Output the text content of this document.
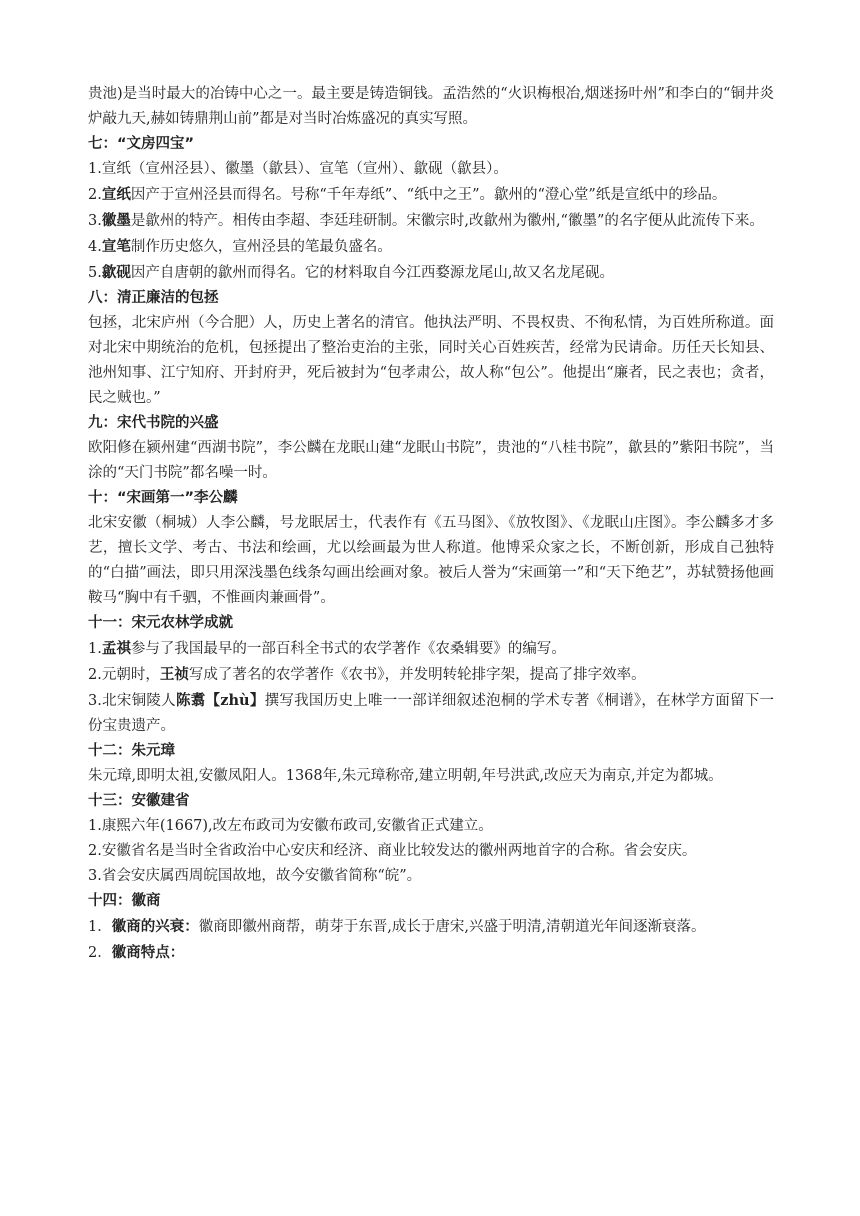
贵池)是当时最大的冶铸中心之一。最主要是铸造铜钱。孟浩然的“火识梅根冶,烟迷扬叶州”和李白的“铜井炎炉敲九天,赫如铸鼎荆山前”都是对当时冶炼盛况的真实写照。

七：“文房四宝”

1.宣纸（宣州泾县）、徽墨（歙县）、宣笔（宣州）、歙砚（歙县）。

2.宣纸因产于宣州泾县而得名。号称“千年寿纸”、“纸中之王”。歙州的“澄心堂”纸是宣纸中的珍品。

3.徽墨是歙州的特产。相传由李超、李廷珪研制。宋徽宗时,改歙州为徽州,“徽墨”的名字便从此流传下来。

4.宣笔制作历史悠久，宣州泾县的笔最负盛名。

5.歙砚因产自唐朝的歙州而得名。它的材料取自今江西婺源龙尾山,故又名龙尾砚。

八：清正廉洁的包拯

包拯，北宋庐州（今合肥）人，历史上著名的清官。他执法严明、不畏权贵、不徇私情，为百姓所称道。面对北宋中期统治的危机，包拯提出了整治吏治的主张，同时关心百姓疾苦，经常为民请命。历任天长知县、池州知事、江宁知府、开封府尹，死后被封为“包孝肃公，故人称“包公”。他提出“廉者，民之表也；贪者，民之贼也。”

九：宋代书院的兴盛

欧阳修在颍州建“西湖书院”，李公麟在龙眠山建“龙眠山书院”，贵池的“八桂书院”，歙县的”紫阳书院”，当涂的“天门书院”都名噪一时。

十：“宋画第一”李公麟

北宋安徽（桐城）人李公麟，号龙眠居士，代表作有《五马图》、《放牧图》、《龙眠山庄图》。李公麟多才多艺，擅长文学、考古、书法和绘画，尤以绘画最为世人称道。他博采众家之长，不断创新，形成自己独特的“白描”画法，即只用深浅墨色线条勾画出绘画对象。被后人誉为“宋画第一”和“天下绝艺”，苏轼赞扬他画鞍马“胸中有千驷，不惟画肉兼画骨”。

十一：宋元农林学成就

1.孟祺参与了我国最早的一部百科全书式的农学著作《农桑辑要》的编写。

2.元朝时，王祯写成了著名的农学著作《农书》，并发明转轮排字架，提高了排字效率。

3.北宋铜陵人陈翥【zhù】撰写我国历史上唯一一部详细叙述泡桐的学术专著《桐谱》，在林学方面留下一份宝贵遗产。

十二：朱元璋

朱元璋,即明太祖,安徽凤阳人。1368年,朱元璋称帝,建立明朝,年号洪武,改应天为南京,并定为都城。

十三：安徽建省

1.康熙六年(1667),改左布政司为安徽布政司,安徽省正式建立。

2.安徽省名是当时全省政治中心安庆和经济、商业比较发达的徽州两地首字的合称。省会安庆。

3.省会安庆属西周皖国故地，故今安徽省简称“皖”。

十四：徽商

1．徽商的兴衰：徽商即徽州商帮，萌芽于东晋,成长于唐宋,兴盛于明清,清朝道光年间逐渐衰落。

2．徽商特点：
